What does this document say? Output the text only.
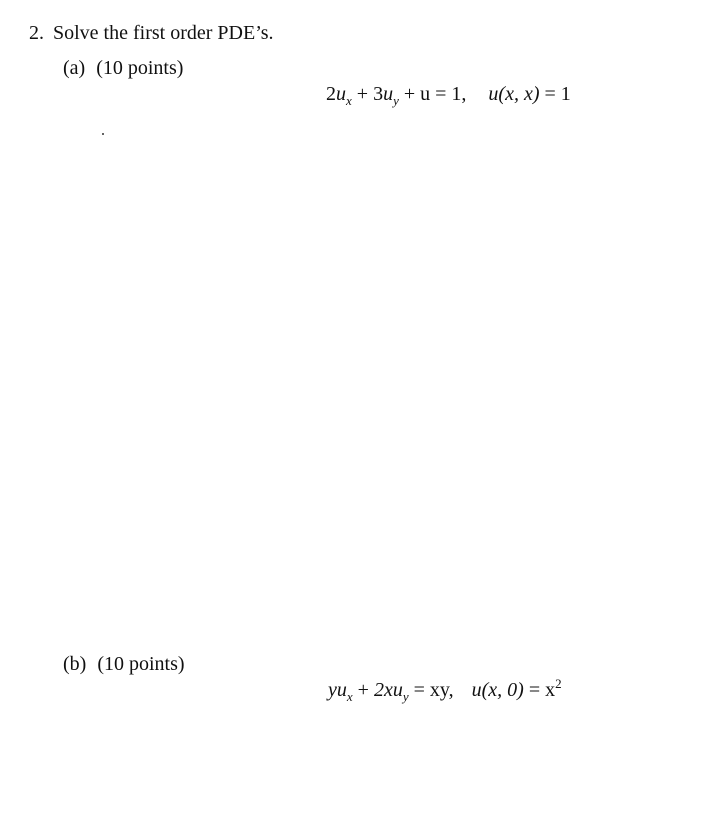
2. Solve the first order PDE’s.
(a) (10 points)
$2u_x + 3u_y + u = 1$, u(x, x) = 1
(b) (10 points)
$yu_x + 2xu_y$ = xy, u(x, $0) = x^2$
